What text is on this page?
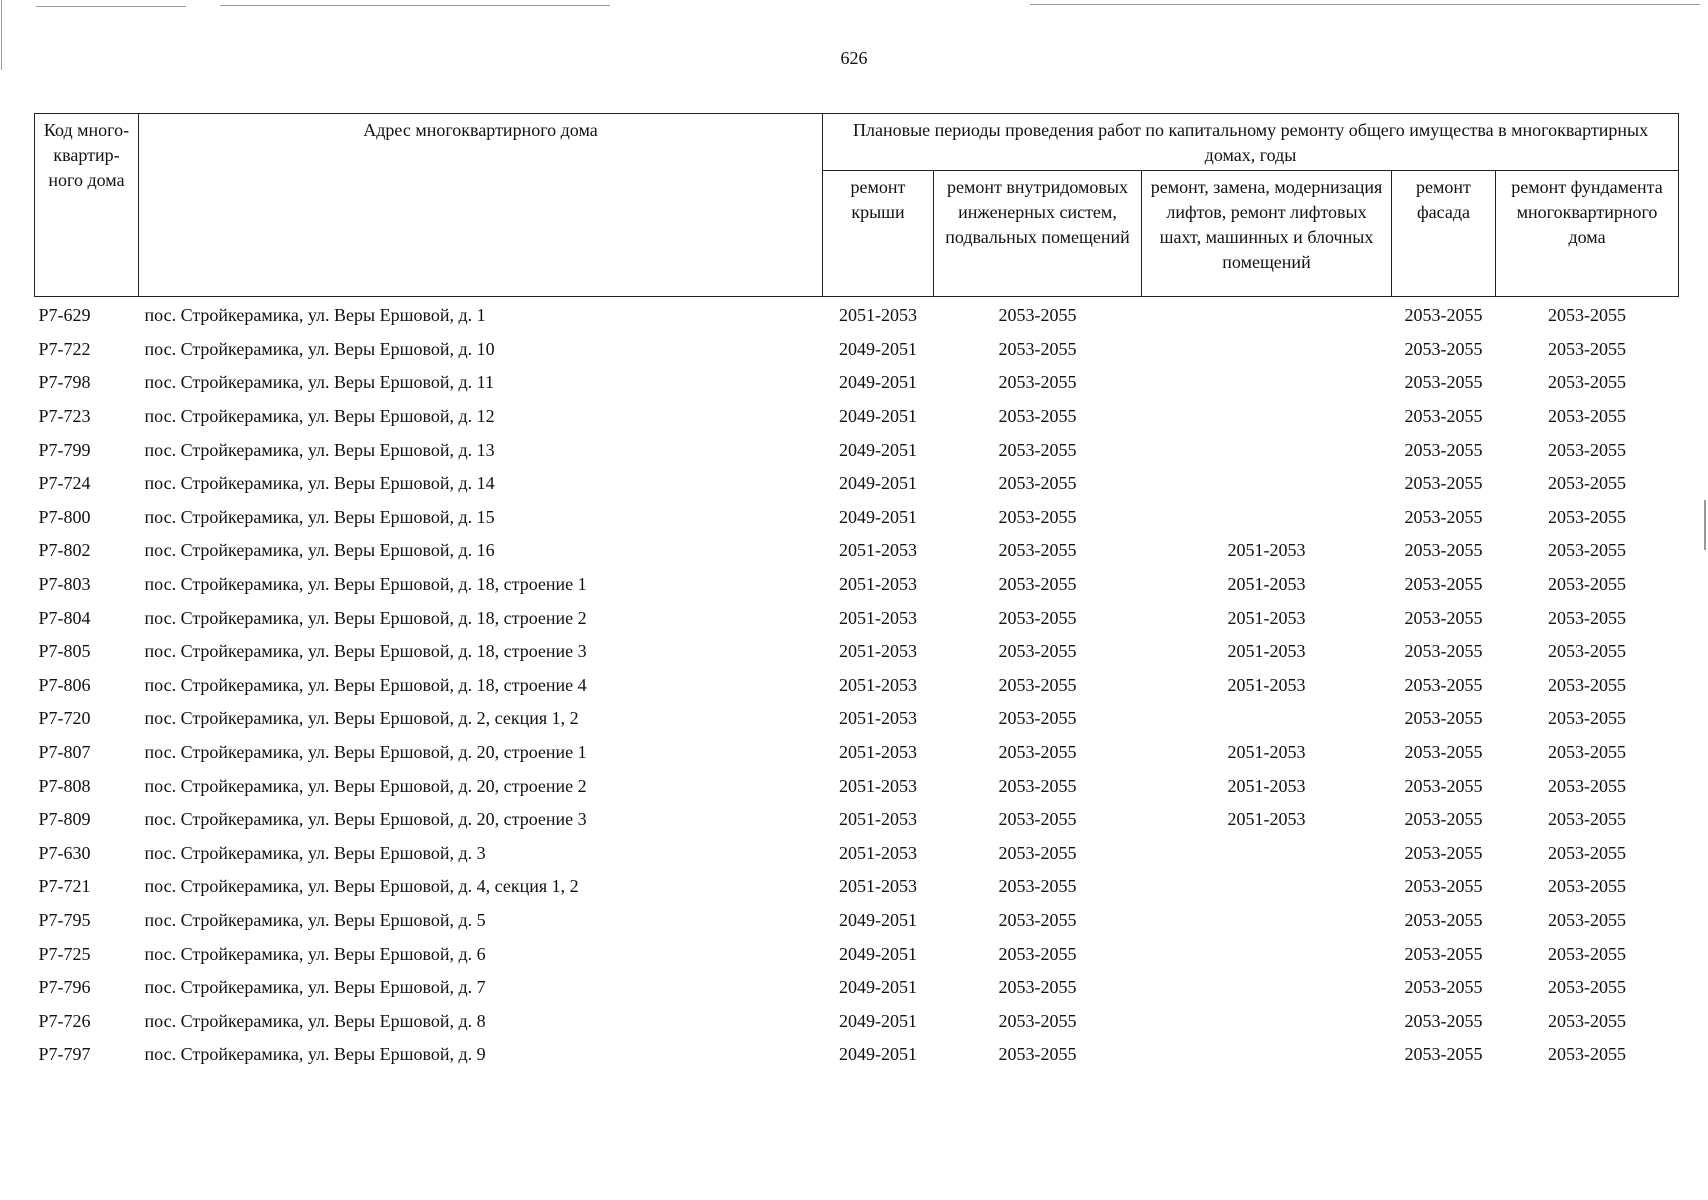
626
Код много-квартир-ного дома	Адрес многоквартирного дома	Плановые периоды проведения работ по капитальному ремонту общего имущества в многоквартирных домах, годы				
		ремонт крыши	ремонт внутридомовых инженерных систем, подвальных помещений	ремонт, замена, модернизация лифтов, ремонт лифтовых шахт, машинных и блочных помещений	ремонт фасада	ремонт фундамента многоквартирного дома
Р7-629	пос. Стройкерамика, ул. Веры Ершовой, д. 1	2051-2053	2053-2055		2053-2055	2053-2055
Р7-722	пос. Стройкерамика, ул. Веры Ершовой, д. 10	2049-2051	2053-2055		2053-2055	2053-2055
Р7-798	пос. Стройкерамика, ул. Веры Ершовой, д. 11	2049-2051	2053-2055		2053-2055	2053-2055
Р7-723	пос. Стройкерамика, ул. Веры Ершовой, д. 12	2049-2051	2053-2055		2053-2055	2053-2055
Р7-799	пос. Стройкерамика, ул. Веры Ершовой, д. 13	2049-2051	2053-2055		2053-2055	2053-2055
Р7-724	пос. Стройкерамика, ул. Веры Ершовой, д. 14	2049-2051	2053-2055		2053-2055	2053-2055
Р7-800	пос. Стройкерамика, ул. Веры Ершовой, д. 15	2049-2051	2053-2055		2053-2055	2053-2055
Р7-802	пос. Стройкерамика, ул. Веры Ершовой, д. 16	2051-2053	2053-2055	2051-2053	2053-2055	2053-2055
Р7-803	пос. Стройкерамика, ул. Веры Ершовой, д. 18, строение 1	2051-2053	2053-2055	2051-2053	2053-2055	2053-2055
Р7-804	пос. Стройкерамика, ул. Веры Ершовой, д. 18, строение 2	2051-2053	2053-2055	2051-2053	2053-2055	2053-2055
Р7-805	пос. Стройкерамика, ул. Веры Ершовой, д. 18, строение 3	2051-2053	2053-2055	2051-2053	2053-2055	2053-2055
Р7-806	пос. Стройкерамика, ул. Веры Ершовой, д. 18, строение 4	2051-2053	2053-2055	2051-2053	2053-2055	2053-2055
Р7-720	пос. Стройкерамика, ул. Веры Ершовой, д. 2, секция 1, 2	2051-2053	2053-2055		2053-2055	2053-2055
Р7-807	пос. Стройкерамика, ул. Веры Ершовой, д. 20, строение 1	2051-2053	2053-2055	2051-2053	2053-2055	2053-2055
Р7-808	пос. Стройкерамика, ул. Веры Ершовой, д. 20, строение 2	2051-2053	2053-2055	2051-2053	2053-2055	2053-2055
Р7-809	пос. Стройкерамика, ул. Веры Ершовой, д. 20, строение 3	2051-2053	2053-2055	2051-2053	2053-2055	2053-2055
Р7-630	пос. Стройкерамика, ул. Веры Ершовой, д. 3	2051-2053	2053-2055		2053-2055	2053-2055
Р7-721	пос. Стройкерамика, ул. Веры Ершовой, д. 4, секция 1, 2	2051-2053	2053-2055		2053-2055	2053-2055
Р7-795	пос. Стройкерамика, ул. Веры Ершовой, д. 5	2049-2051	2053-2055		2053-2055	2053-2055
Р7-725	пос. Стройкерамика, ул. Веры Ершовой, д. 6	2049-2051	2053-2055		2053-2055	2053-2055
Р7-796	пос. Стройкерамика, ул. Веры Ершовой, д. 7	2049-2051	2053-2055		2053-2055	2053-2055
Р7-726	пос. Стройкерамика, ул. Веры Ершовой, д. 8	2049-2051	2053-2055		2053-2055	2053-2055
Р7-797	пос. Стройкерамика, ул. Веры Ершовой, д. 9	2049-2051	2053-2055		2053-2055	2053-2055
